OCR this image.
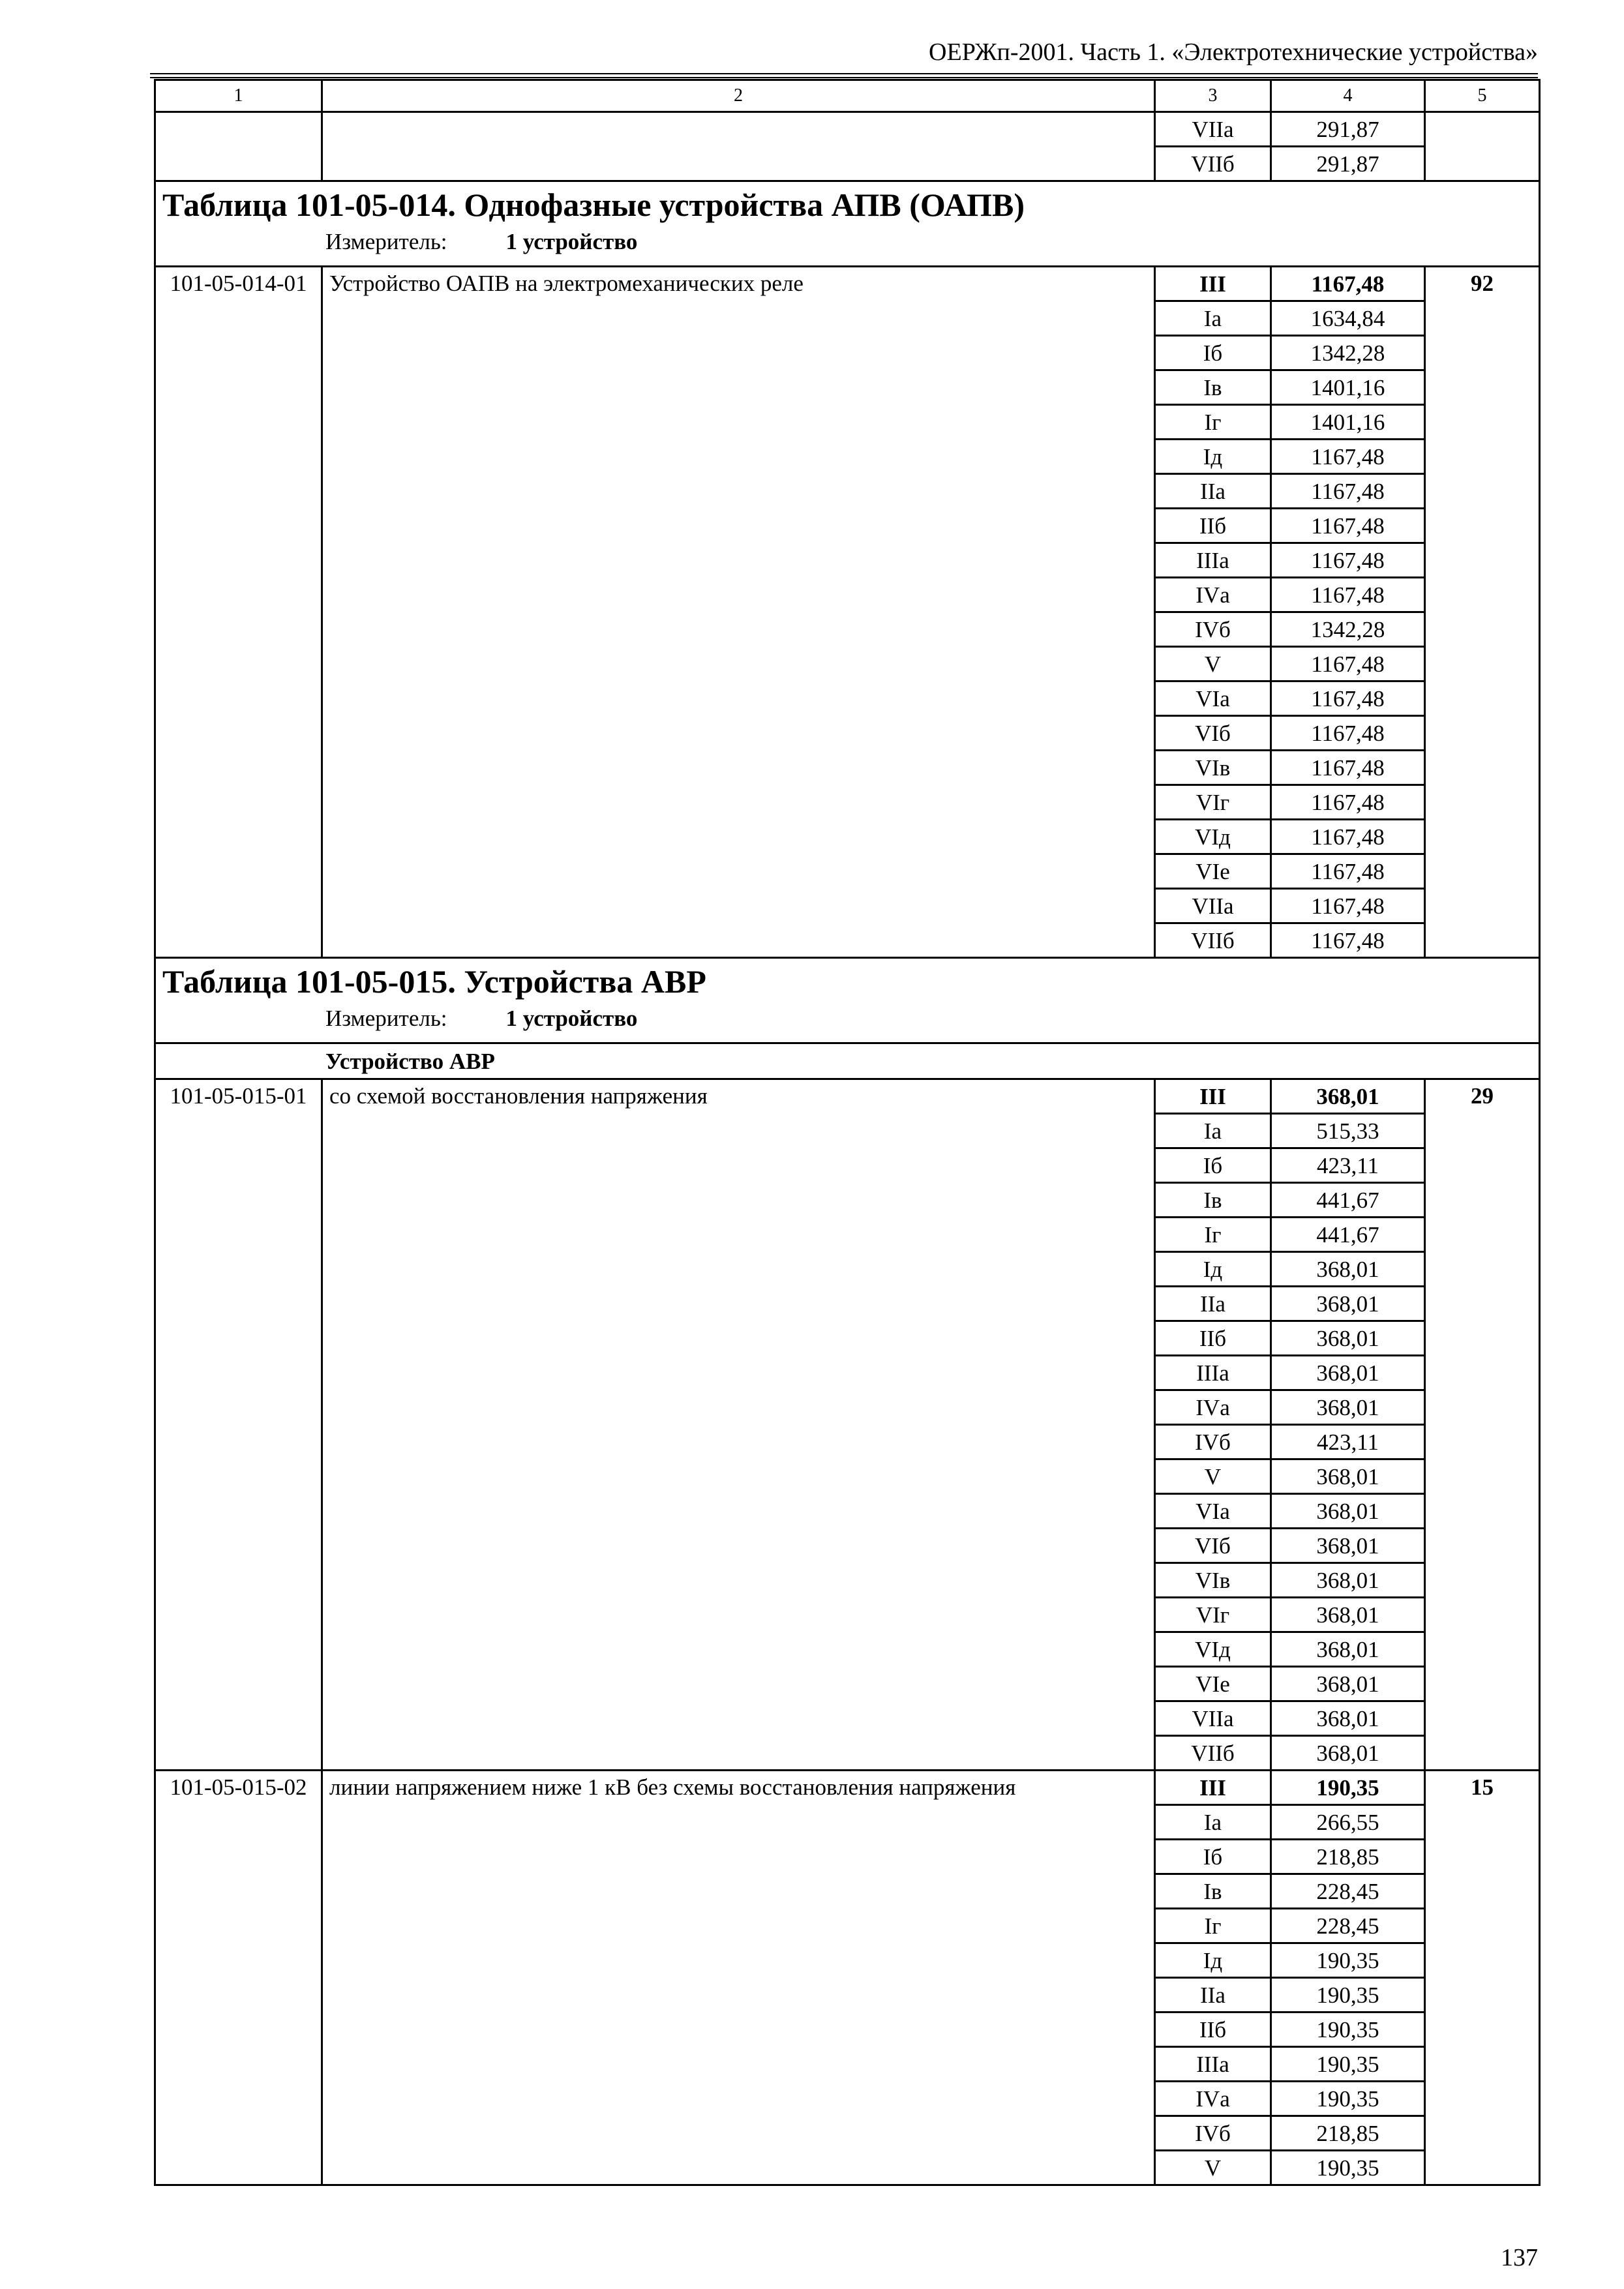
ОЕРЖп-2001. Часть 1. «Электротехнические устройства»
1	2	3	4	5
		VIIа	291,87	
		VIIб	291,87	

Таблица 101-05-014. Однофазные устройства АПВ (ОАПВ)
Измеритель: 1 устройство				

101-05-014-01	Устройство ОАПВ на электромеханических реле	III	1167,48	92
		Iа	1634,84	
		Iб	1342,28	
		Iв	1401,16	
		Iг	1401,16	
		Iд	1167,48	
		IIа	1167,48	
		IIб	1167,48	
		IIIа	1167,48	
		IVа	1167,48	
		IVб	1342,28	
		V	1167,48	
		VIа	1167,48	
		VIб	1167,48	
		VIв	1167,48	
		VIг	1167,48	
		VIд	1167,48	
		VIе	1167,48	
		VIIа	1167,48	
		VIIб	1167,48	

Таблица 101-05-015. Устройства АВР
Измеритель: 1 устройство				

Устройство АВР				
101-05-015-01	со схемой восстановления напряжения	III	368,01	29
		Iа	515,33	
		Iб	423,11	
		Iв	441,67	
		Iг	441,67	
		Iд	368,01	
		IIа	368,01	
		IIб	368,01	
		IIIа	368,01	
		IVа	368,01	
		IVб	423,11	
		V	368,01	
		VIа	368,01	
		VIб	368,01	
		VIв	368,01	
		VIг	368,01	
		VIд	368,01	
		VIе	368,01	
		VIIа	368,01	
		VIIб	368,01	
101-05-015-02	линии напряжением ниже 1 кВ без схемы восстановления напряжения	III	190,35	15
		Iа	266,55	
		Iб	218,85	
		Iв	228,45	
		Iг	228,45	
		Iд	190,35	
		IIа	190,35	
		IIб	190,35	
		IIIа	190,35	
		IVа	190,35	
		IVб	218,85	
		V	190,35	
137
